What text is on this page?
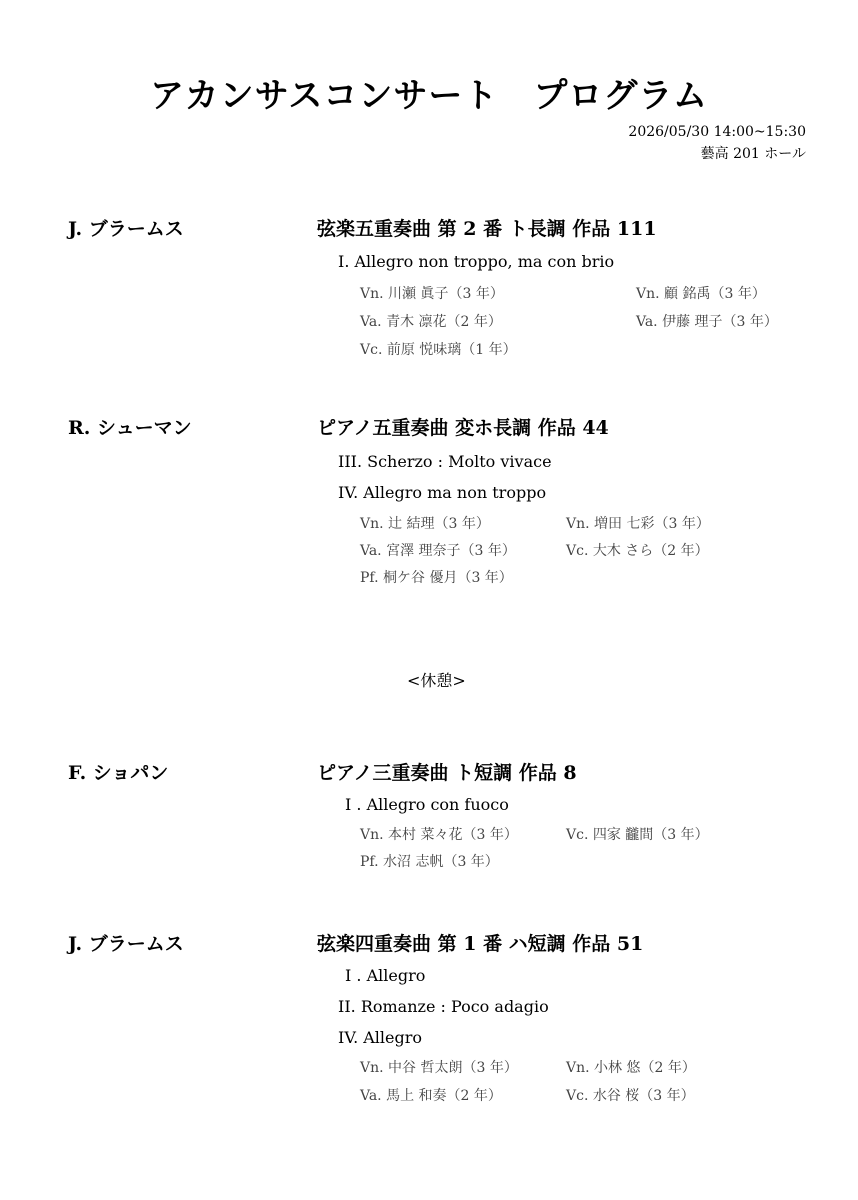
アカンサスコンサート　プログラム
2026/05/30 14:00~15:30
藝高 201 ホール
J. ブラームス	弦楽五重奏曲 第 2 番 ト長調 作品 111
I. Allegro non troppo, ma con brio
Vn. 川瀬 眞子（3 年）	Vn. 顧 銘禹（3 年）
Va. 青木 凛花（2 年）	Va. 伊藤 理子（3 年）
Vc. 前原 悦味璃（1 年）
R. シューマン	ピアノ五重奏曲 変ホ長調 作品 44
III. Scherzo : Molto vivace
IV. Allegro ma non troppo
Vn. 辻 結理（3 年）	Vn. 増田 七彩（3 年）
Va. 宮澤 理奈子（3 年）	Vc. 大木 さら（2 年）
Pf. 桐ケ谷 優月（3 年）
<休憩>
F. ショパン	ピアノ三重奏曲 ト短調 作品 8
I . Allegro con fuoco
Vn. 本村 菜々花（3 年）	Vc. 四家 龖間（3 年）
Pf. 水沼 志帆（3 年）
J. ブラームス	弦楽四重奏曲 第 1 番 ハ短調 作品 51
I . Allegro
II. Romanze : Poco adagio
IV. Allegro
Vn. 中谷 哲太朗（3 年）	Vn. 小林 悠（2 年）
Va. 馬上 和奏（2 年）	Vc. 水谷 桜（3 年）
